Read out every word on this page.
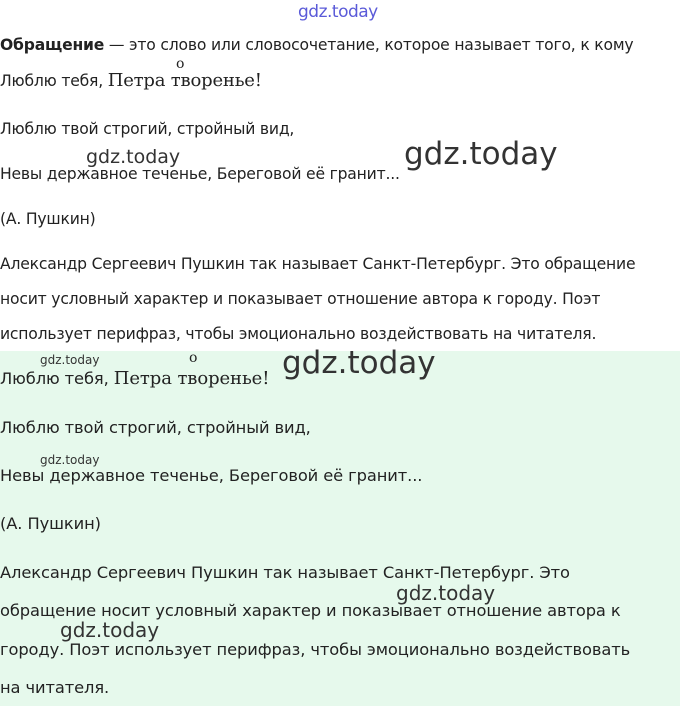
gdz.today
Обращение — это слово или словосочетание, которое называет того, к кому
о
Люблю тебя, Петра творенье!
Люблю твой строгий, стройный вид,
gdz.today	gdz.today
Невы державное теченье, Береговой её гранит...
(А. Пушкин)
Александр Сергеевич Пушкин так называет Санкт-Петербург. Это обращение
носит условный характер и показывает отношение автора к городу. Поэт
использует перифраз, чтобы эмоционально воздействовать на читателя.
gdz.today	о	gdz.today
Люблю тебя, Петра творенье!
Люблю твой строгий, стройный вид,
gdz.today
Невы державное теченье, Береговой её гранит...
(А. Пушкин)
Александр Сергеевич Пушкин так называет Санкт-Петербург. Это
gdz.today
обращение носит условный характер и показывает отношение автора к
gdz.today
городу. Поэт использует перифраз, чтобы эмоционально воздействовать
на читателя.
